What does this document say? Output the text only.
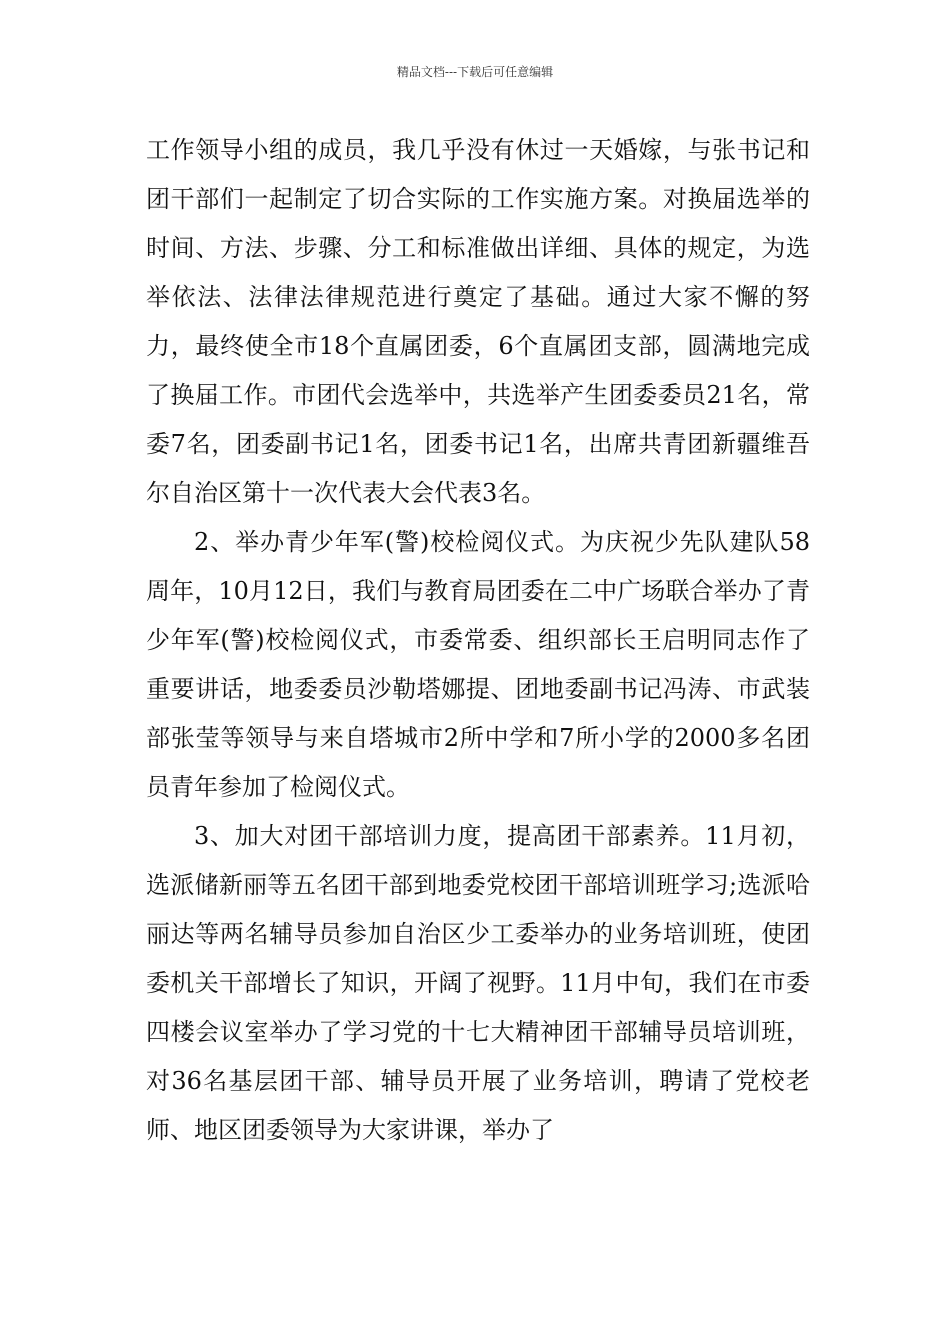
精品文档---下载后可任意编辑

工作领导小组的成员，我几乎没有休过一天婚嫁，与张书记和团干部们一起制定了切合实际的工作实施方案。对换届选举的时间、方法、步骤、分工和标准做出详细、具体的规定，为选举依法、法律法律规范进行奠定了基础。通过大家不懈的努力，最终使全市18个直属团委，6个直属团支部，圆满地完成了换届工作。市团代会选举中，共选举产生团委委员21名，常委7名，团委副书记1名，团委书记1名，出席共青团新疆维吾尔自治区第十一次代表大会代表3名。

2、举办青少年军(警)校检阅仪式。为庆祝少先队建队58周年，10月12日，我们与教育局团委在二中广场联合举办了青少年军(警)校检阅仪式，市委常委、组织部长王启明同志作了重要讲话，地委委员沙勒塔娜提、团地委副书记冯涛、市武装部张莹等领导与来自塔城市2所中学和7所小学的2000多名团员青年参加了检阅仪式。

3、加大对团干部培训力度，提高团干部素养。11月初，选派储新丽等五名团干部到地委党校团干部培训班学习;选派哈丽达等两名辅导员参加自治区少工委举办的业务培训班，使团委机关干部增长了知识，开阔了视野。11月中旬，我们在市委四楼会议室举办了学习党的十七大精神团干部辅导员培训班，对36名基层团干部、辅导员开展了业务培训，聘请了党校老师、地区团委领导为大家讲课，举办了
